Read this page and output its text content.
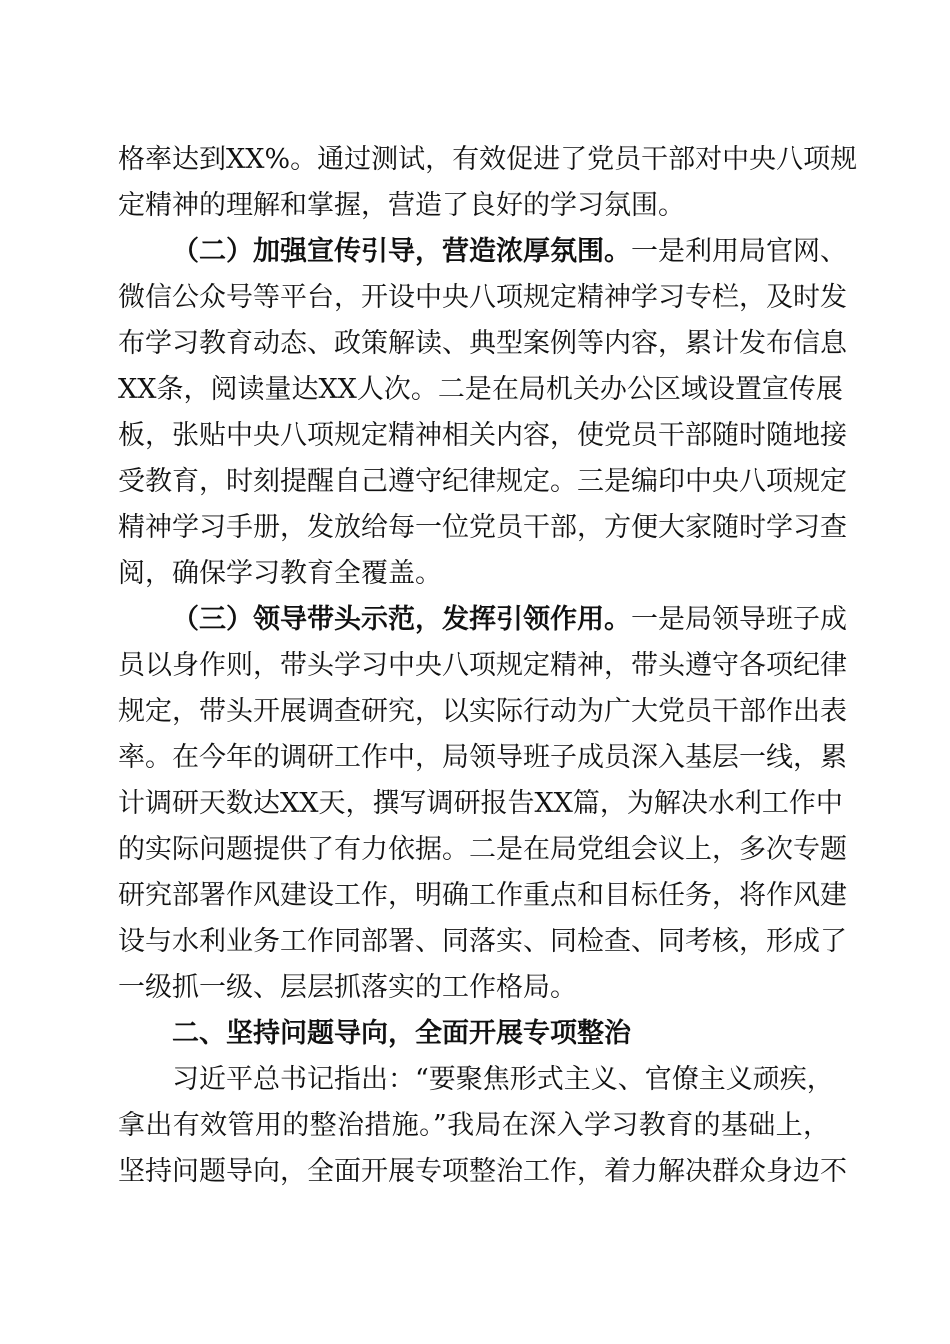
格率达到XX%。通过测试，有效促进了党员干部对中央八项规
定精神的理解和掌握，营造了良好的学习氛围。
（二）加强宣传引导，营造浓厚氛围。一是利用局官网、
微信公众号等平台，开设中央八项规定精神学习专栏，及时发
布学习教育动态、政策解读、典型案例等内容，累计发布信息
XX条，阅读量达XX人次。二是在局机关办公区域设置宣传展
板，张贴中央八项规定精神相关内容，使党员干部随时随地接
受教育，时刻提醒自己遵守纪律规定。三是编印中央八项规定
精神学习手册，发放给每一位党员干部，方便大家随时学习查
阅，确保学习教育全覆盖。
（三）领导带头示范，发挥引领作用。一是局领导班子成
员以身作则，带头学习中央八项规定精神，带头遵守各项纪律
规定，带头开展调查研究，以实际行动为广大党员干部作出表
率。在今年的调研工作中，局领导班子成员深入基层一线，累
计调研天数达XX天，撰写调研报告XX篇，为解决水利工作中
的实际问题提供了有力依据。二是在局党组会议上，多次专题
研究部署作风建设工作，明确工作重点和目标任务，将作风建
设与水利业务工作同部署、同落实、同检查、同考核，形成了
一级抓一级、层层抓落实的工作格局。
二、坚持问题导向，全面开展专项整治
习近平总书记指出：“要聚焦形式主义、官僚主义顽疾，
拿出有效管用的整治措施。”我局在深入学习教育的基础上，
坚持问题导向，全面开展专项整治工作，着力解决群众身边不
